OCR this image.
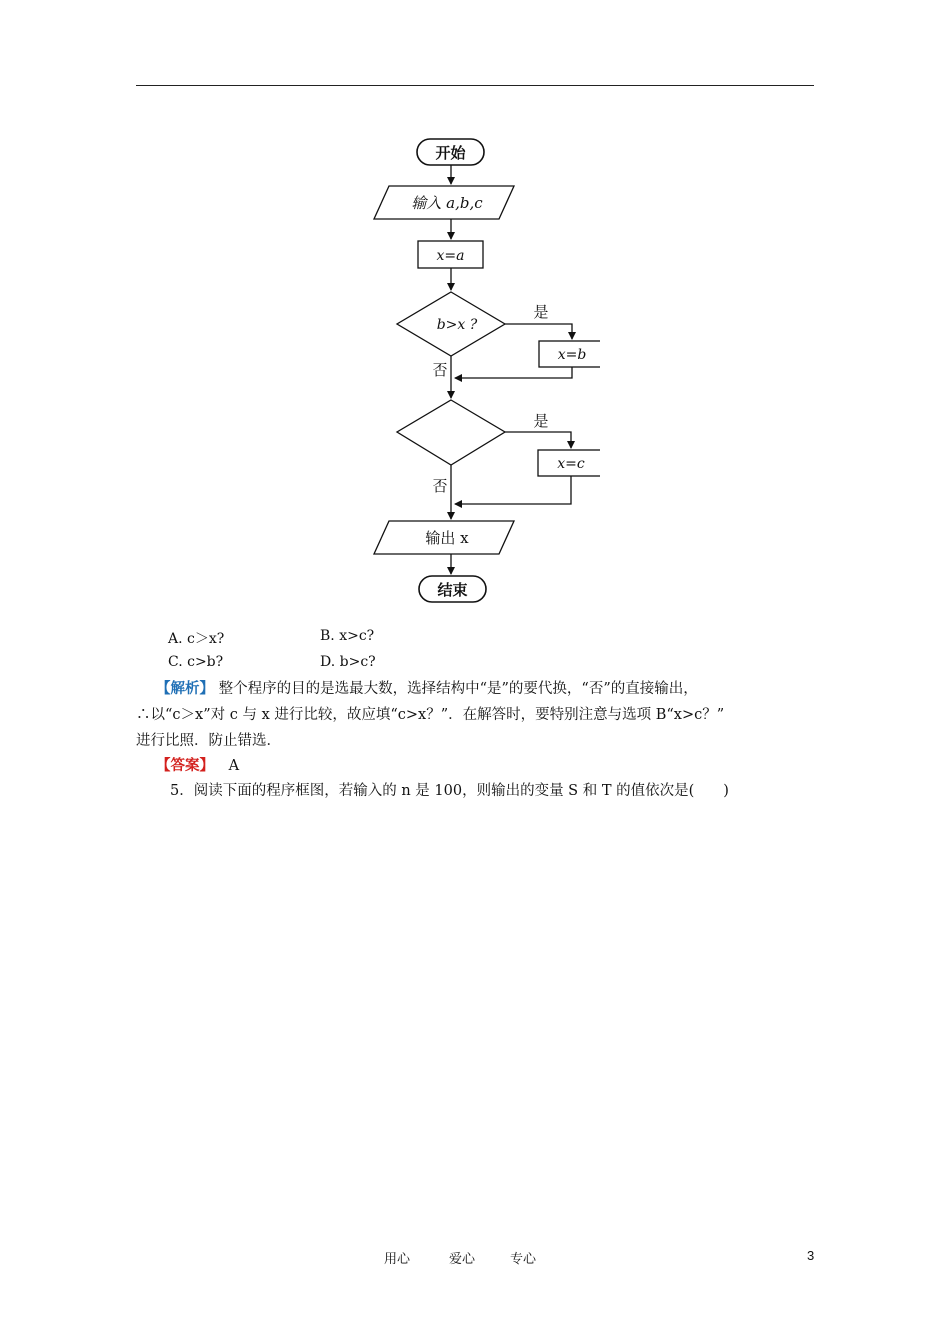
开始
输入 a,b,c
x=a
b>x ?
是
x=b
否
是
x=c
否
输出 x
结束
A. c＞x?	B. x>c?
C. c>b?	D. b>c?
【解析】 整个程序的目的是选最大数，选择结构中“是”的要代换，“否”的直接输出，
∴以“c＞x”对 c 与 x 进行比较，故应填“c>x？”．在解答时，要特别注意与选项 B“x>c？”
进行比照．防止错选．
【答案】 A
5．阅读下面的程序框图，若输入的 n 是 100，则输出的变量 S 和 T 的值依次是(　　)
用心	爱心	专心	3
